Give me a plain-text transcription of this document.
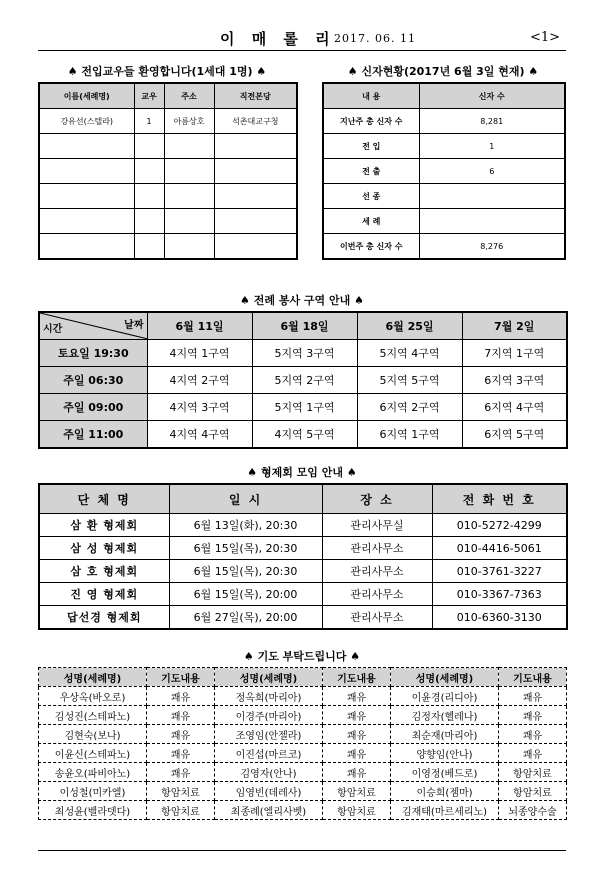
이 매 롤 리
2017. 06. 11	<1>
♠ 전입교우들 환영합니다(1세대 1명) ♠
이름(세례명)	교우	주소	직전본당
강유선(스텔라)	1	아름상호	석촌대교구청

♠ 신자현황(2017년 6월 3일 현재) ♠
내 용	신자 수
지난주 총 신자 수	8,281
전 입	1
전 출	6
선 종	
세 례	
이번주 총 신자 수	8,276
♠ 전례 봉사 구역 안내 ♠
시간 날짜	6월 11일	6월 18일	6월 25일	7월 2일
토요일 19:30	4지역 1구역	5지역 3구역	5지역 4구역	7지역 1구역
주일 06:30	4지역 2구역	5지역 2구역	5지역 5구역	6지역 3구역
주일 09:00	4지역 3구역	5지역 1구역	6지역 2구역	6지역 4구역
주일 11:00	4지역 4구역	4지역 5구역	6지역 1구역	6지역 5구역
♠ 형제회 모임 안내 ♠
단 체 명	일 시	장 소	전 화 번 호
삼 환 형제회	6월 13일(화), 20:30	관리사무실	010-5272-4299
삼 성 형제회	6월 15일(목), 20:30	관리사무소	010-4416-5061
삼 호 형제회	6월 15일(목), 20:30	관리사무소	010-3761-3227
진 영 형제회	6월 15일(목), 20:00	관리사무소	010-3367-7363
답선경 형제회	6월 27일(목), 20:00	관리사무소	010-6360-3130
♠ 기도 부탁드립니다 ♠
성명(세례명)	기도내용	성명(세례명)	기도내용	성명(세례명)	기도내용
우상옥(바오로)	쾌유	정옥희(마리아)	쾌유	이윤경(리디아)	쾌유
김성진(스테파노)	쾌유	이경주(마리아)	쾌유	김정자(헬레나)	쾌유
김현숙(보나)	쾌유	조영임(안젤라)	쾌유	최순재(마리아)	쾌유
이윤신(스테파노)	쾌유	이진섭(마르코)	쾌유	양향임(안나)	쾌유
송윤오(파비아노)	쾌유	김영자(안나)	쾌유	이영정(베드로)	항암치료
이성철(미카엘)	항암치료	임영빈(데레사)	항암치료	이승희(젬마)	항암치료
최성윤(벨라뎃다)	항암치료	최종례(엘리사벳)	항암치료	김재태(마르세리노)	뇌종양수술
